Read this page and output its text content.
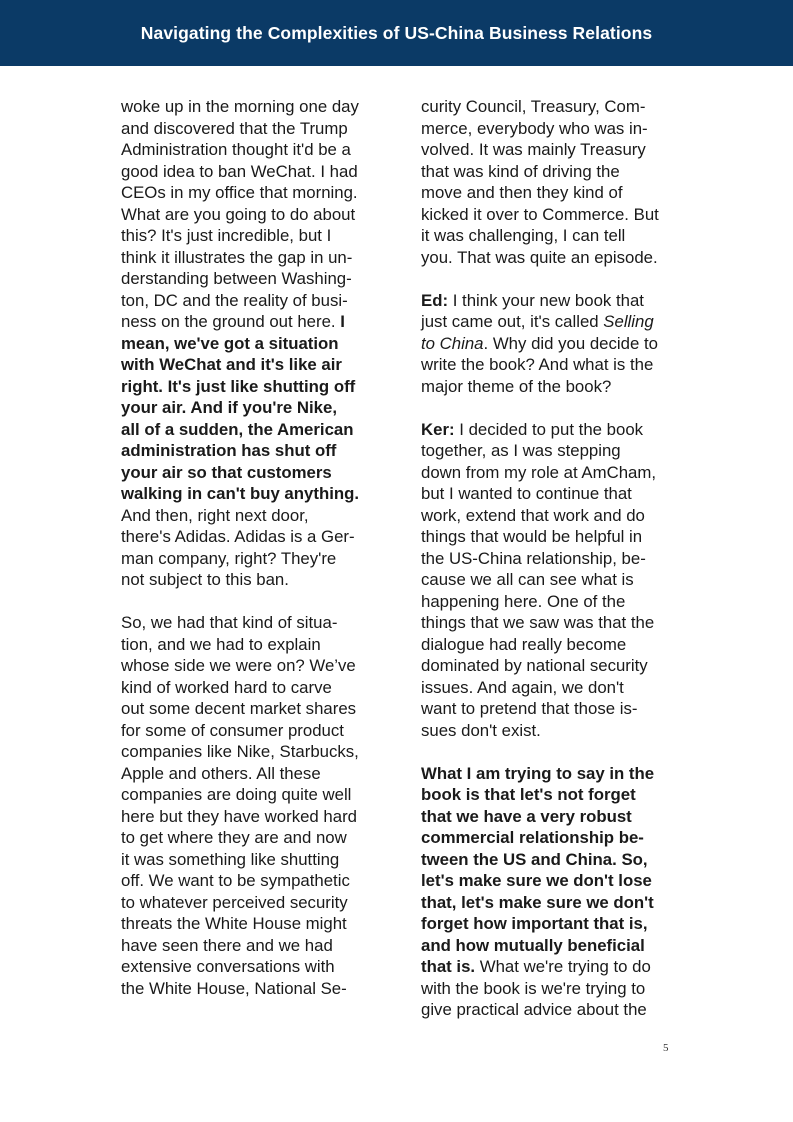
Navigating the Complexities of US-China Business Relations
woke up in the morning one day
and discovered that the Trump
Administration thought it'd be a
good idea to ban WeChat. I had
CEOs in my office that morning.
What are you going to do about
this? It's just incredible, but I
think it illustrates the gap in un-
derstanding between Washing-
ton, DC and the reality of busi-
ness on the ground out here. I
mean, we've got a situation
with WeChat and it's like air
right. It's just like shutting off
your air. And if you're Nike,
all of a sudden, the American
administration has shut off
your air so that customers
walking in can't buy anything.
And then, right next door,
there's Adidas. Adidas is a Ger-
man company, right? They're
not subject to this ban.
So, we had that kind of situa-
tion, and we had to explain
whose side we were on? We’ve
kind of worked hard to carve
out some decent market shares
for some of consumer product
companies like Nike, Starbucks,
Apple and others. All these
companies are doing quite well
here but they have worked hard
to get where they are and now
it was something like shutting
off. We want to be sympathetic
to whatever perceived security
threats the White House might
have seen there and we had
extensive conversations with
the White House, National Se-
curity Council, Treasury, Com-
merce, everybody who was in-
volved. It was mainly Treasury
that was kind of driving the
move and then they kind of
kicked it over to Commerce. But
it was challenging, I can tell
you. That was quite an episode.
Ed: I think your new book that
just came out, it's called Selling
to China. Why did you decide to
write the book? And what is the
major theme of the book?
Ker: I decided to put the book
together, as I was stepping
down from my role at AmCham,
but I wanted to continue that
work, extend that work and do
things that would be helpful in
the US-China relationship, be-
cause we all can see what is
happening here. One of the
things that we saw was that the
dialogue had really become
dominated by national security
issues. And again, we don't
want to pretend that those is-
sues don't exist.
What I am trying to say in the
book is that let's not forget
that we have a very robust
commercial relationship be-
tween the US and China. So,
let's make sure we don't lose
that, let's make sure we don't
forget how important that is,
and how mutually beneficial
that is. What we're trying to do
with the book is we're trying to
give practical advice about the
5
